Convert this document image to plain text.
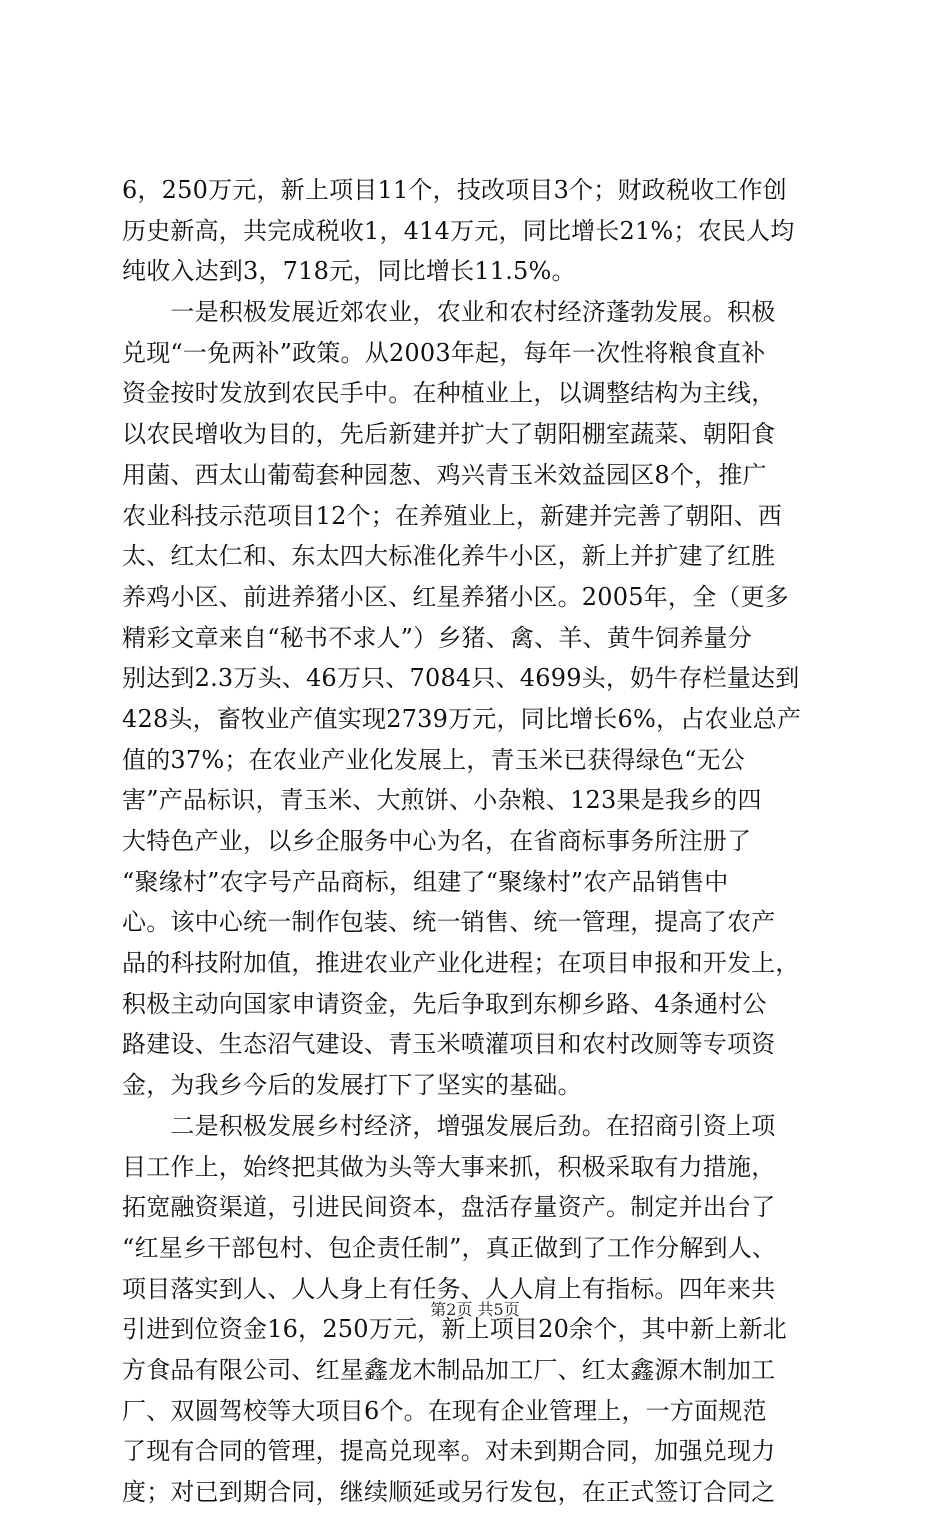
6，250万元，新上项目11个，技改项目3个；财政税收工作创
历史新高，共完成税收1，414万元，同比增长21%；农民人均
纯收入达到3，718元，同比增长11.5%。
　　一是积极发展近郊农业，农业和农村经济蓬勃发展。积极
兑现“一免两补”政策。从2003年起，每年一次性将粮食直补
资金按时发放到农民手中。在种植业上，以调整结构为主线，
以农民增收为目的，先后新建并扩大了朝阳棚室蔬菜、朝阳食
用菌、西太山葡萄套种园葱、鸡兴青玉米效益园区8个，推广
农业科技示范项目12个；在养殖业上，新建并完善了朝阳、西
太、红太仁和、东太四大标准化养牛小区，新上并扩建了红胜
养鸡小区、前进养猪小区、红星养猪小区。2005年，全（更多
精彩文章来自“秘书不求人”）乡猪、禽、羊、黄牛饲养量分
别达到2.3万头、46万只、7084只、4699头，奶牛存栏量达到
428头，畜牧业产值实现2739万元，同比增长6%，占农业总产
值的37%；在农业产业化发展上，青玉米已获得绿色“无公
害”产品标识，青玉米、大煎饼、小杂粮、123果是我乡的四
大特色产业，以乡企服务中心为名，在省商标事务所注册了
“聚缘村”农字号产品商标，组建了“聚缘村”农产品销售中
心。该中心统一制作包装、统一销售、统一管理，提高了农产
品的科技附加值，推进农业产业化进程；在项目申报和开发上，
积极主动向国家申请资金，先后争取到东柳乡路、4条通村公
路建设、生态沼气建设、青玉米喷灌项目和农村改厕等专项资
金，为我乡今后的发展打下了坚实的基础。
　　二是积极发展乡村经济，增强发展后劲。在招商引资上项
目工作上，始终把其做为头等大事来抓，积极采取有力措施，
拓宽融资渠道，引进民间资本，盘活存量资产。制定并出台了
“红星乡干部包村、包企责任制”，真正做到了工作分解到人、
项目落实到人、人人身上有任务、人人肩上有指标。四年来共
引进到位资金16，250万元，新上项目20余个，其中新上新北
方食品有限公司、红星鑫龙木制品加工厂、红太鑫源木制加工
厂、双圆驾校等大项目6个。在现有企业管理上，一方面规范
了现有合同的管理，提高兑现率。对未到期合同，加强兑现力
度；对已到期合同，继续顺延或另行发包，在正式签订合同之
第2页 共5页
